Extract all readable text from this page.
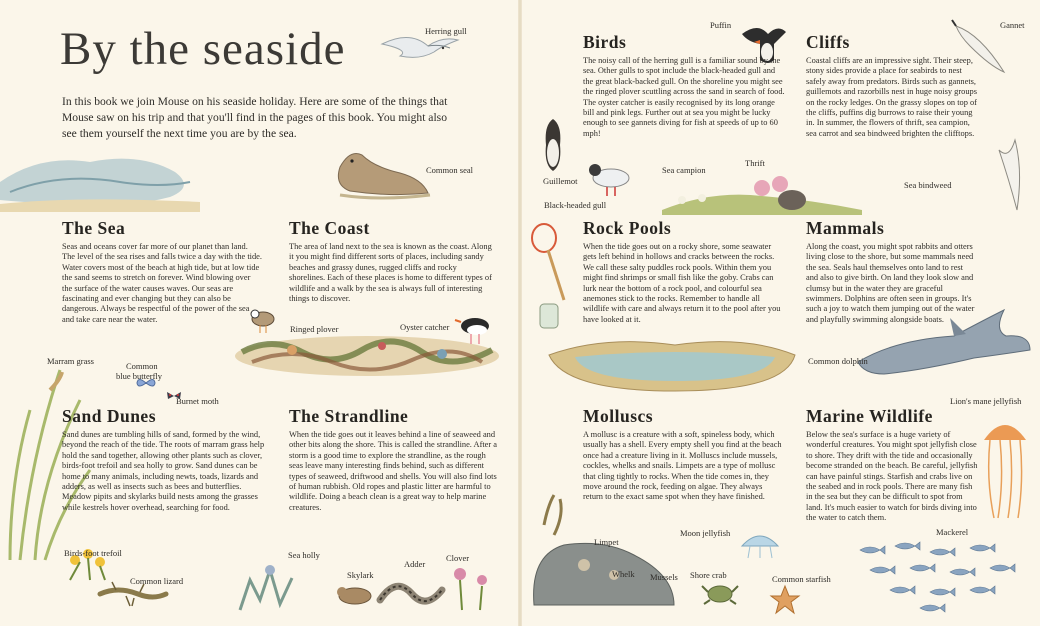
By the seaside
In this book we join Mouse on his seaside holiday. Here are some of the things that Mouse saw on his trip and that you'll find in the pages of this book. You might also see them yourself the next time you are by the sea.
The Sea

Seas and oceans cover far more of our planet than land. The level of the sea rises and falls twice a day with the tide. Water covers most of the beach at high tide, but at low tide the sand seems to stretch on forever. Wind blowing over the surface of the water causes waves. Our seas are fascinating and ever changing but they can also be dangerous. Always be respectful of the power of the sea and take care near the water.

The Coast

The area of land next to the sea is known as the coast. Along it you might find different sorts of places, including sandy beaches and grassy dunes, rugged cliffs and rocky shorelines. Each of these places is home to different types of wildlife and a walk by the sea is always full of interesting things to discover.

Sand Dunes

Sand dunes are tumbling hills of sand, formed by the wind, beyond the reach of the tide. The roots of marram grass help hold the sand together, allowing other plants such as clover, birds-foot trefoil and sea holly to grow. Sand dunes can be home to many animals, including newts, toads, lizards and adders, as well as insects such as bees and butterflies. Meadow pipits and skylarks build nests among the grasses while kestrels hover overhead, searching for food.

The Strandline

When the tide goes out it leaves behind a line of seaweed and other bits along the shore. This is called the strandline. After a storm is a good time to explore the strandline, as the rough seas leave many interesting finds behind, such as different types of seaweed, driftwood and shells. You will also find lots of human rubbish. Old ropes and plastic litter are harmful to wildlife. Doing a beach clean is a great way to help marine creatures.

Birds

The noisy call of the herring gull is a familiar sound by the sea. Other gulls to spot include the black-headed gull and the great black-backed gull. On the shoreline you might see the ringed plover scuttling across the sand in search of food. The oyster catcher is easily recognised by its long orange bill and pink legs. Further out at sea you might be lucky enough to see gannets diving for fish at speeds of up to 60 mph!

Cliffs

Coastal cliffs are an impressive sight. Their steep, stony sides provide a place for seabirds to nest safely away from predators. Birds such as gannets, guillemots and razorbills nest in huge noisy groups on the rocky ledges. On the grassy slopes on top of the cliffs, puffins dig burrows to raise their young in. In summer, the flowers of thrift, sea campion, sea carrot and sea bindweed brighten the clifftops.

Rock Pools

When the tide goes out on a rocky shore, some seawater gets left behind in hollows and cracks between the rocks. We call these salty puddles rock pools. Within them you might find shrimps or small fish like the goby. Crabs can lurk near the bottom of a rock pool, and colourful sea anemones stick to the rocks. Remember to handle all wildlife with care and always return it to the pool after you have looked at it.

Mammals

Along the coast, you might spot rabbits and otters living close to the shore, but some mammals need the sea. Seals haul themselves onto land to rest and also to give birth. On land they look slow and clumsy but in the water they are graceful swimmers. Dolphins are often seen in groups. It's such a joy to watch them jumping out of the water and playfully swimming alongside boats.

Molluscs

A mollusc is a creature with a soft, spineless body, which usually has a shell. Every empty shell you find at the beach once had a creature living in it. Molluscs include mussels, cockles, whelks and snails. Limpets are a type of mollusc that cling tightly to rocks. When the tide comes in, they move around the rock, feeding on algae. They always return to the exact same spot when they have finished.

Marine Wildlife

Below the sea's surface is a huge variety of wonderful creatures. You might spot jellyfish close to shore. They drift with the tide and occasionally become stranded on the beach. Be careful, jellyfish can have painful stings. Starfish and crabs live on the seabed and in rock pools. There are many fish in the sea but they can be difficult to spot from land. It's much easier to watch for birds diving into the water to catch them.

Herring gull
Common seal
Ringed plover	Oyster catcher
Marram grass	Common
blue butterfly
Burnet moth
Birds-foot trefoil
Common lizard
Sea holly
Skylark
Adder
Clover
Puffin	Gannet
Guillemot
Black-headed gull
Sea campion
Thrift
Sea bindweed
Common dolphin
Lion's mane jellyfish
Limpet
Moon jellyfish
Whelk Mussels Shore crab	Common starfish
Mackerel
